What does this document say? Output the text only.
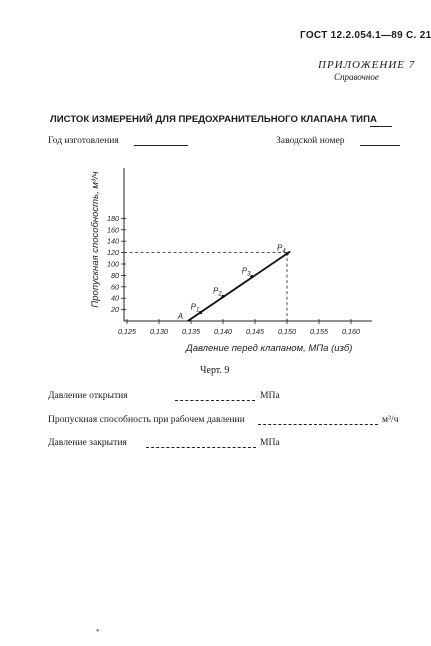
ГОСТ 12.2.054.1—89 С. 21
ПРИЛОЖЕНИЕ 7
Справочное
ЛИСТОК ИЗМЕРЕНИЙ ДЛЯ ПРЕДОХРАНИТЕЛЬНОГО КЛАПАНА ТИПА
Год изготовления	Заводской номер
20
40
60
80
100
120
140
160
180
0,125 0,130 0,135 0,140 0,145 0,150 0,155 0,160
A
$P_1$
$P_2$
$P_3$
$P_4$
Давление перед клапаном, МПа (изб)
Пропускная способность, м³/ч
Черт. 9
Давление открытия	МПа
Пропускная способность при рабочем давлении	м³/ч
Давление закрытия	МПа
*
